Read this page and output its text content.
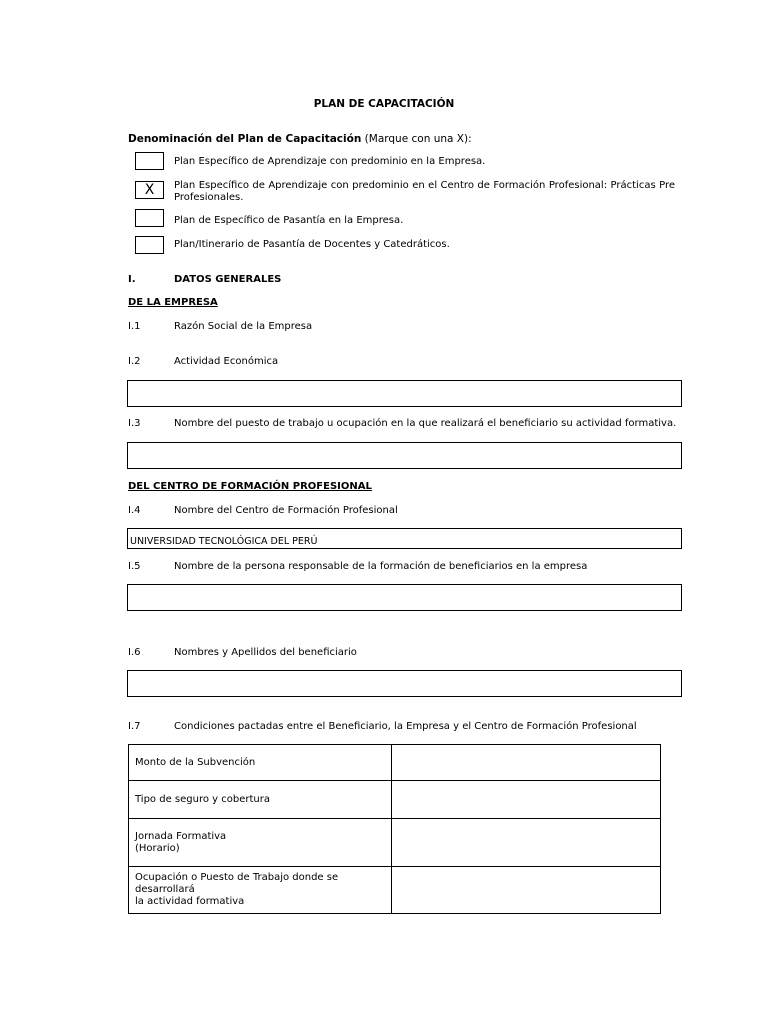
PLAN DE CAPACITACIÓN
Denominación del Plan de Capacitación (Marque con una X):
Plan Específico de Aprendizaje con predominio en la Empresa.
X	Plan Específico de Aprendizaje con predominio en el Centro de Formación Profesional: Prácticas Pre
Profesionales.
Plan de Específico de Pasantía en la Empresa.
Plan/Itinerario de Pasantía de Docentes y Catedráticos.
I.	DATOS GENERALES
DE LA EMPRESA
I.1	Razón Social de la Empresa
I.2	Actividad Económica
I.3	Nombre del puesto de trabajo u ocupación en la que realizará el beneficiario su actividad formativa.
DEL CENTRO DE FORMACIÓN PROFESIONAL
I.4	Nombre del Centro de Formación Profesional
UNIVERSIDAD TECNOLÓGICA DEL PERÚ
I.5	Nombre de la persona responsable de la formación de beneficiarios en la empresa
I.6	Nombres y Apellidos del beneficiario
I.7	Condiciones pactadas entre el Beneficiario, la Empresa y el Centro de Formación Profesional
Monto de la Subvención	

Tipo de seguro y cobertura	

Jornada Formativa
(Horario)	

Ocupación o Puesto de Trabajo donde se desarrollará
la actividad formativa	
